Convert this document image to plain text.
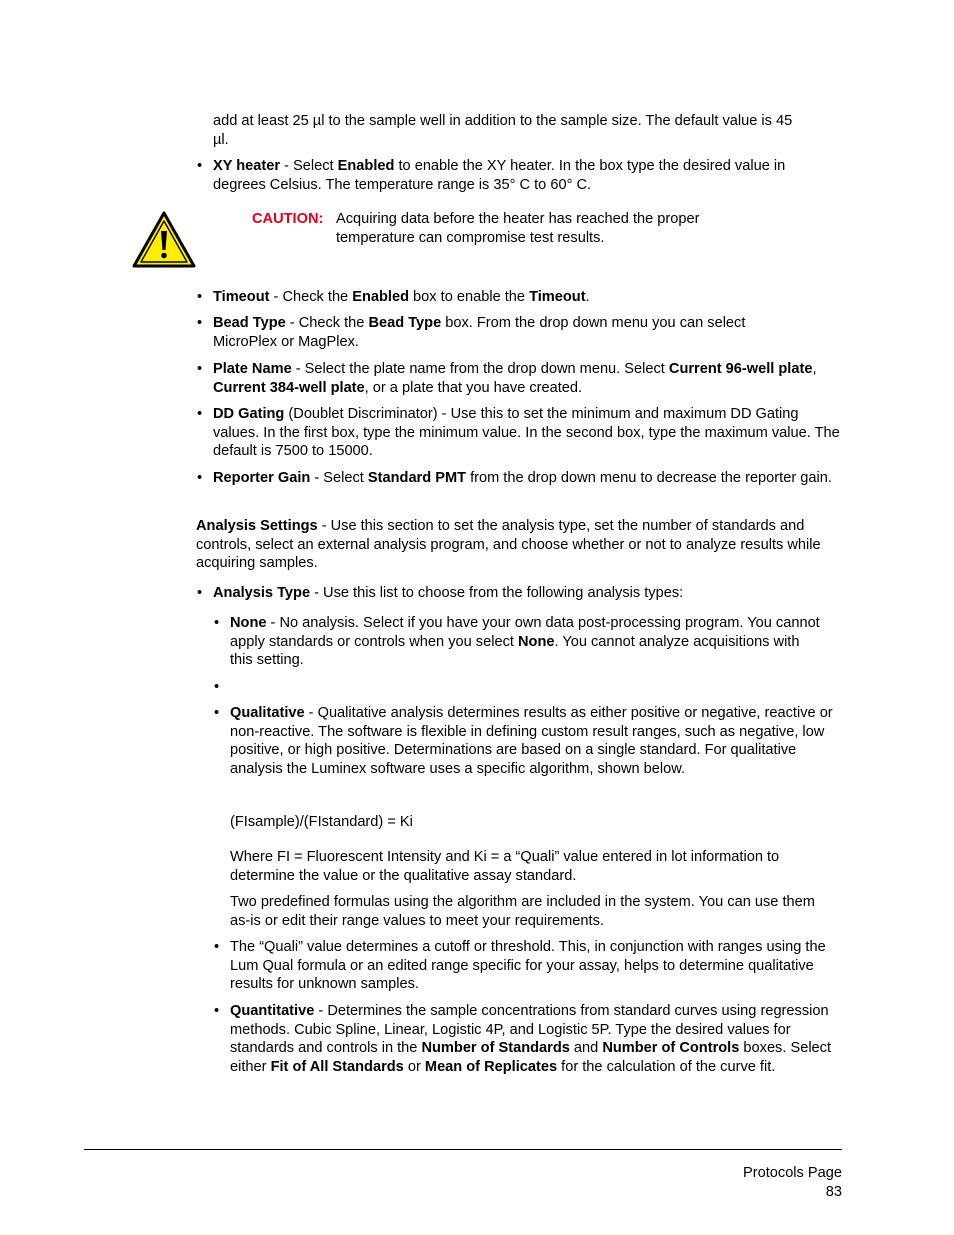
add at least 25 µl to the sample well in addition to the sample size. The default value is 45
µl.

• XY heater - Select Enabled to enable the XY heater. In the box type the desired value in degrees Celsius. The temperature range is 35° C to 60° C.

CAUTION: Acquiring data before the heater has reached the proper
temperature can compromise test results.

• Timeout - Check the Enabled box to enable the Timeout.

• Bead Type - Check the Bead Type box. From the drop down menu you can select MicroPlex or MagPlex.

• Plate Name - Select the plate name from the drop down menu. Select Current 96-well plate, Current 384-well plate, or a plate that you have created.

• DD Gating (Doublet Discriminator) - Use this to set the minimum and maximum DD Gating values. In the first box, type the minimum value. In the second box, type the maximum value. The default is 7500 to 15000.

• Reporter Gain - Select Standard PMT from the drop down menu to decrease the reporter gain.

Analysis Settings - Use this section to set the analysis type, set the number of standards and controls, select an external analysis program, and choose whether or not to analyze results while acquiring samples.

• Analysis Type - Use this list to choose from the following analysis types:

• None - No analysis. Select if you have your own data post-processing program. You cannot apply standards or controls when you select None. You cannot analyze acquisitions with this setting.

•
• Qualitative - Qualitative analysis determines results as either positive or negative, reactive or non-reactive. The software is flexible in defining custom result ranges, such as negative, low positive, or high positive. Determinations are based on a single standard. For qualitative analysis the Luminex software uses a specific algorithm, shown below.

(FIsample)/(FIstandard) = Ki

Where FI = Fluorescent Intensity and Ki = a “Quali” value entered in lot information to determine the value or the qualitative assay standard.

Two predefined formulas using the algorithm are included in the system. You can use them as-is or edit their range values to meet your requirements.

• The “Quali” value determines a cutoff or threshold. This, in conjunction with ranges using the Lum Qual formula or an edited range specific for your assay, helps to determine qualitative results for unknown samples.

• Quantitative - Determines the sample concentrations from standard curves using regression methods. Cubic Spline, Linear, Logistic 4P, and Logistic 5P. Type the desired values for standards and controls in the Number of Standards and Number of Controls boxes. Select either Fit of All Standards or Mean of Replicates for the calculation of the curve fit.

Protocols Page
83
